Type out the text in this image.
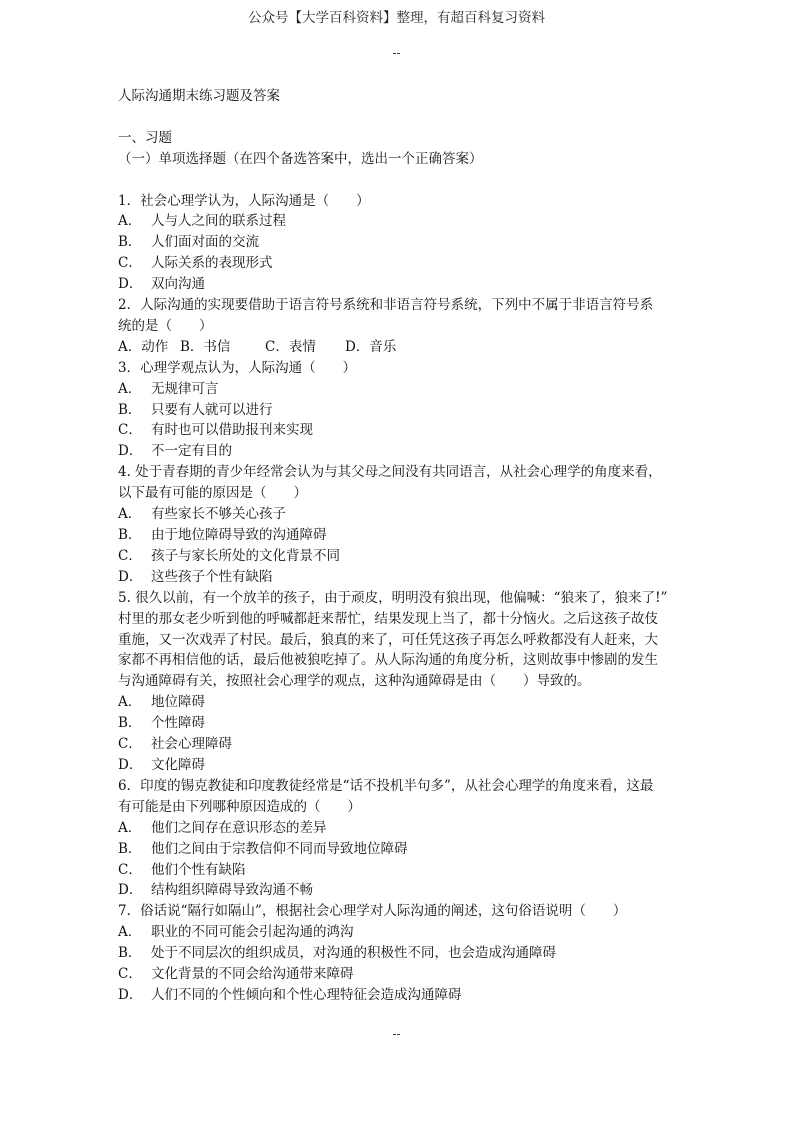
公众号【大学百科资料】整理，有超百科复习资料
--

人际沟通期末练习题及答案

一、习题

（一）单项选择题（在四个备选答案中，选出一个正确答案）

1．社会心理学认为，人际沟通是（　　）

A． 人与人之间的联系过程

B． 人们面对面的交流

C． 人际关系的表现形式

D． 双向沟通

2．人际沟通的实现要借助于语言符号系统和非语言符号系统，下列中不属于非语言符号系

统的是（　　）

A．动作 B．书信	C．表情 D．音乐

3．心理学观点认为，人际沟通（　　）

A． 无规律可言

B． 只要有人就可以进行

C． 有时也可以借助报刊来实现

D． 不一定有目的

4. 处于青春期的青少年经常会认为与其父母之间没有共同语言，从社会心理学的角度来看，

以下最有可能的原因是（　　）

A． 有些家长不够关心孩子

B． 由于地位障碍导致的沟通障碍

C． 孩子与家长所处的文化背景不同

D． 这些孩子个性有缺陷

5. 很久以前，有一个放羊的孩子，由于顽皮，明明没有狼出现，他偏喊：“狼来了，狼来了!”

村里的那女老少听到他的呼喊都赶来帮忙，结果发现上当了，都十分恼火。之后这孩子故伎

重施，又一次戏弄了村民。最后，狼真的来了，可任凭这孩子再怎么呼救都没有人赶来，大

家都不再相信他的话，最后他被狼吃掉了。从人际沟通的角度分析，这则故事中惨剧的发生

与沟通障碍有关，按照社会心理学的观点，这种沟通障碍是由（　　）导致的。

A． 地位障碍

B． 个性障碍

C． 社会心理障碍

D． 文化障碍

6．印度的锡克教徒和印度教徒经常是“话不投机半句多”，从社会心理学的角度来看，这最

有可能是由下列哪种原因造成的（　　）

A． 他们之间存在意识形态的差异

B． 他们之间由于宗教信仰不同而导致地位障碍

C． 他们个性有缺陷

D． 结构组织障碍导致沟通不畅

7．俗话说“隔行如隔山”，根据社会心理学对人际沟通的阐述，这句俗语说明（　　）

A． 职业的不同可能会引起沟通的鸿沟

B． 处于不同层次的组织成员，对沟通的积极性不同，也会造成沟通障碍

C． 文化背景的不同会给沟通带来障碍

D． 人们不同的个性倾向和个性心理特征会造成沟通障碍

--
